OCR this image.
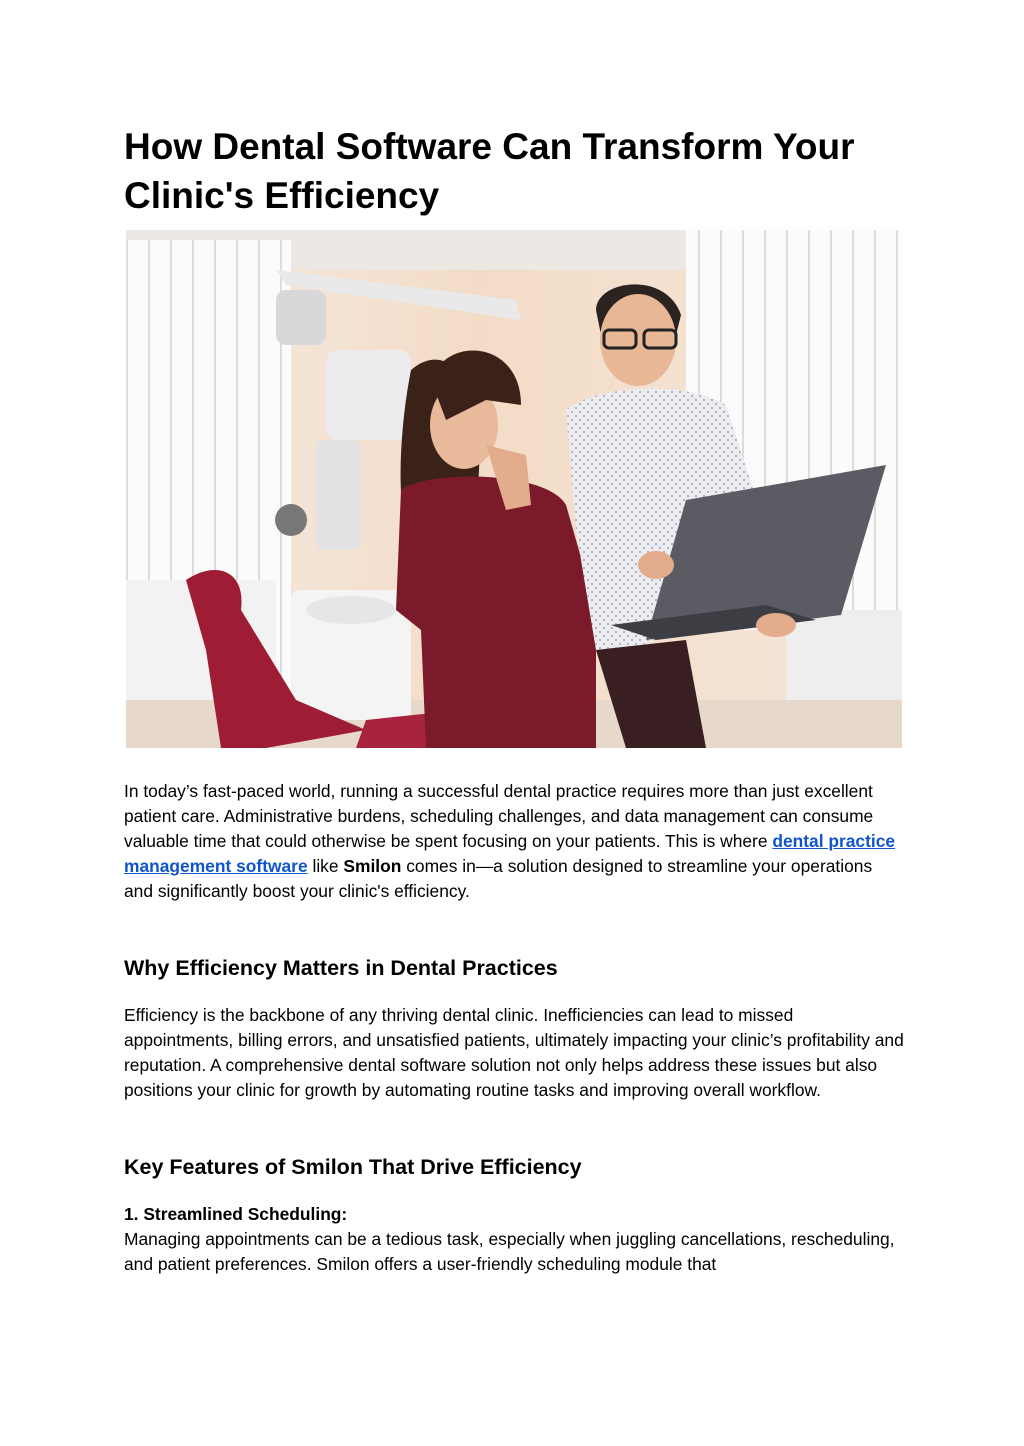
How Dental Software Can Transform Your
Clinic's Efficiency

In today’s fast-paced world, running a successful dental practice requires more than just excellent patient care. Administrative burdens, scheduling challenges, and data management can consume valuable time that could otherwise be spent focusing on your patients. This is where dental practice management software like Smilon comes in—a solution designed to streamline your operations and significantly boost your clinic's efficiency.

Why Efficiency Matters in Dental Practices

Efficiency is the backbone of any thriving dental clinic. Inefficiencies can lead to missed appointments, billing errors, and unsatisfied patients, ultimately impacting your clinic’s profitability and reputation. A comprehensive dental software solution not only helps address these issues but also positions your clinic for growth by automating routine tasks and improving overall workflow.

Key Features of Smilon That Drive Efficiency
1. Streamlined Scheduling:

Managing appointments can be a tedious task, especially when juggling cancellations, rescheduling, and patient preferences. Smilon offers a user-friendly scheduling module that
